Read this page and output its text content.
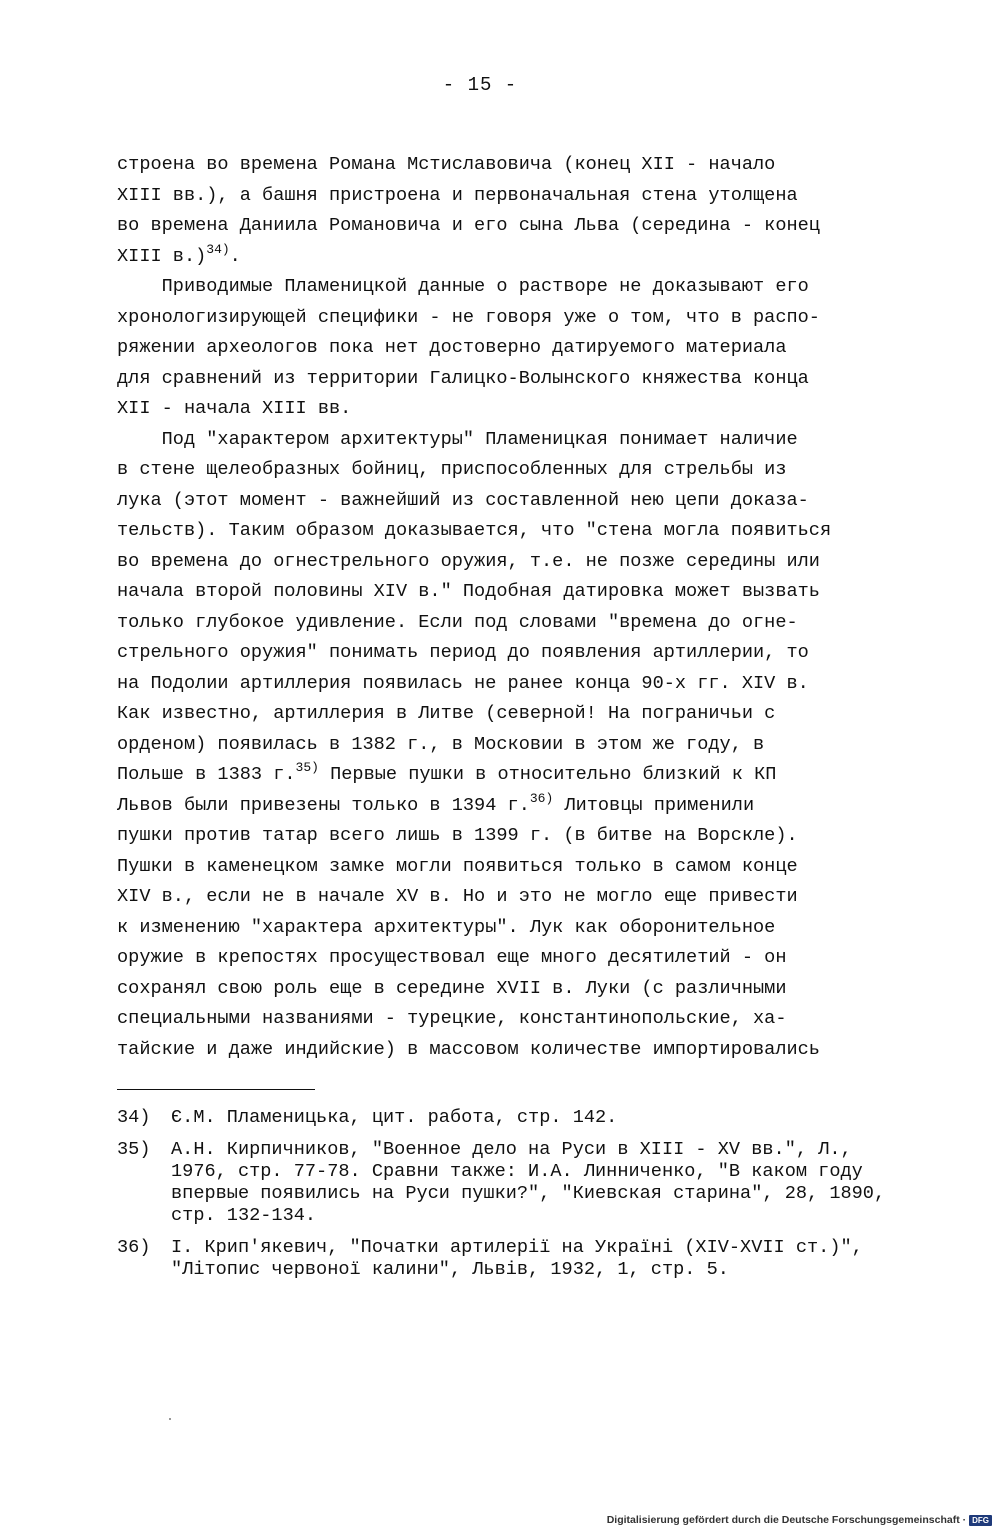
- 15 -
строена во времена Романа Мстиславовича (конец XII - начало
XIII вв.), а башня пристроена и первоначальная стена утолщена
во времена Даниила Романовича и его сына Льва (середина - конец
XIII в.)$^{34)}$.
Приводимые Пламеницкой данные о растворе не доказывают его
хронологизирующей специфики - не говоря уже о том, что в распо-
ряжении археологов пока нет достоверно датируемого материала
для сравнений из территории Галицко-Волынского княжества конца
XII - начала XIII вв.
Под "характером архитектуры" Пламеницкая понимает наличие
в стене щелеобразных бойниц, приспособленных для стрельбы из
лука (этот момент - важнейший из составленной нею цепи доказа-
тельств). Таким образом доказывается, что "стена могла появиться
во времена до огнестрельного оружия, т.е. не позже середины или
начала второй половины XIV в." Подобная датировка может вызвать
только глубокое удивление. Если под словами "времена до огне-
стрельного оружия" понимать период до появления артиллерии, то
на Подолии артиллерия появилась не ранее конца 90-х гг. XIV в.
Как известно, артиллерия в Литве (северной! На пограничьи с
орденом) появилась в 1382 г., в Московии в этом же году, в
Польше в 1383 г.$^{35)}$ Первые пушки в относительно близкий к КП
Львов были привезены только в 1394 г.$^{36)}$ Литовцы применили
пушки против татар всего лишь в 1399 г. (в битве на Ворскле).
Пушки в каменецком замке могли появиться только в самом конце
XIV в., если не в начале XV в. Но и это не могло еще привести
к изменению "характера архитектуры". Лук как оборонительное
оружие в крепостях просуществовал еще много десятилетий - он
сохранял свою роль еще в середине XVII в. Луки (с различными
специальными названиями - турецкие, константинопольские, ха-
тайские и даже индийские) в массовом количестве импортировались
34)	Є.М. Пламеницька, цит. работа, стр. 142.
35)	А.Н. Кирпичников, "Военное дело на Руси в XIII - XV вв.", Л., 1976, стр. 77-78. Сравни также: И.А. Линниченко, "В каком году впервые появились на Руси пушки?", "Киевская старина", 28, 1890, стр. 132-134.
36)	І. Крип'якевич, "Початки артилерії на Україні (XIV-XVII ст.)", "Літопис червоної калини", Львів, 1932, 1, стр. 5.
Digitalisierung gefördert durch die Deutsche Forschungsgemeinschaft · DFG
